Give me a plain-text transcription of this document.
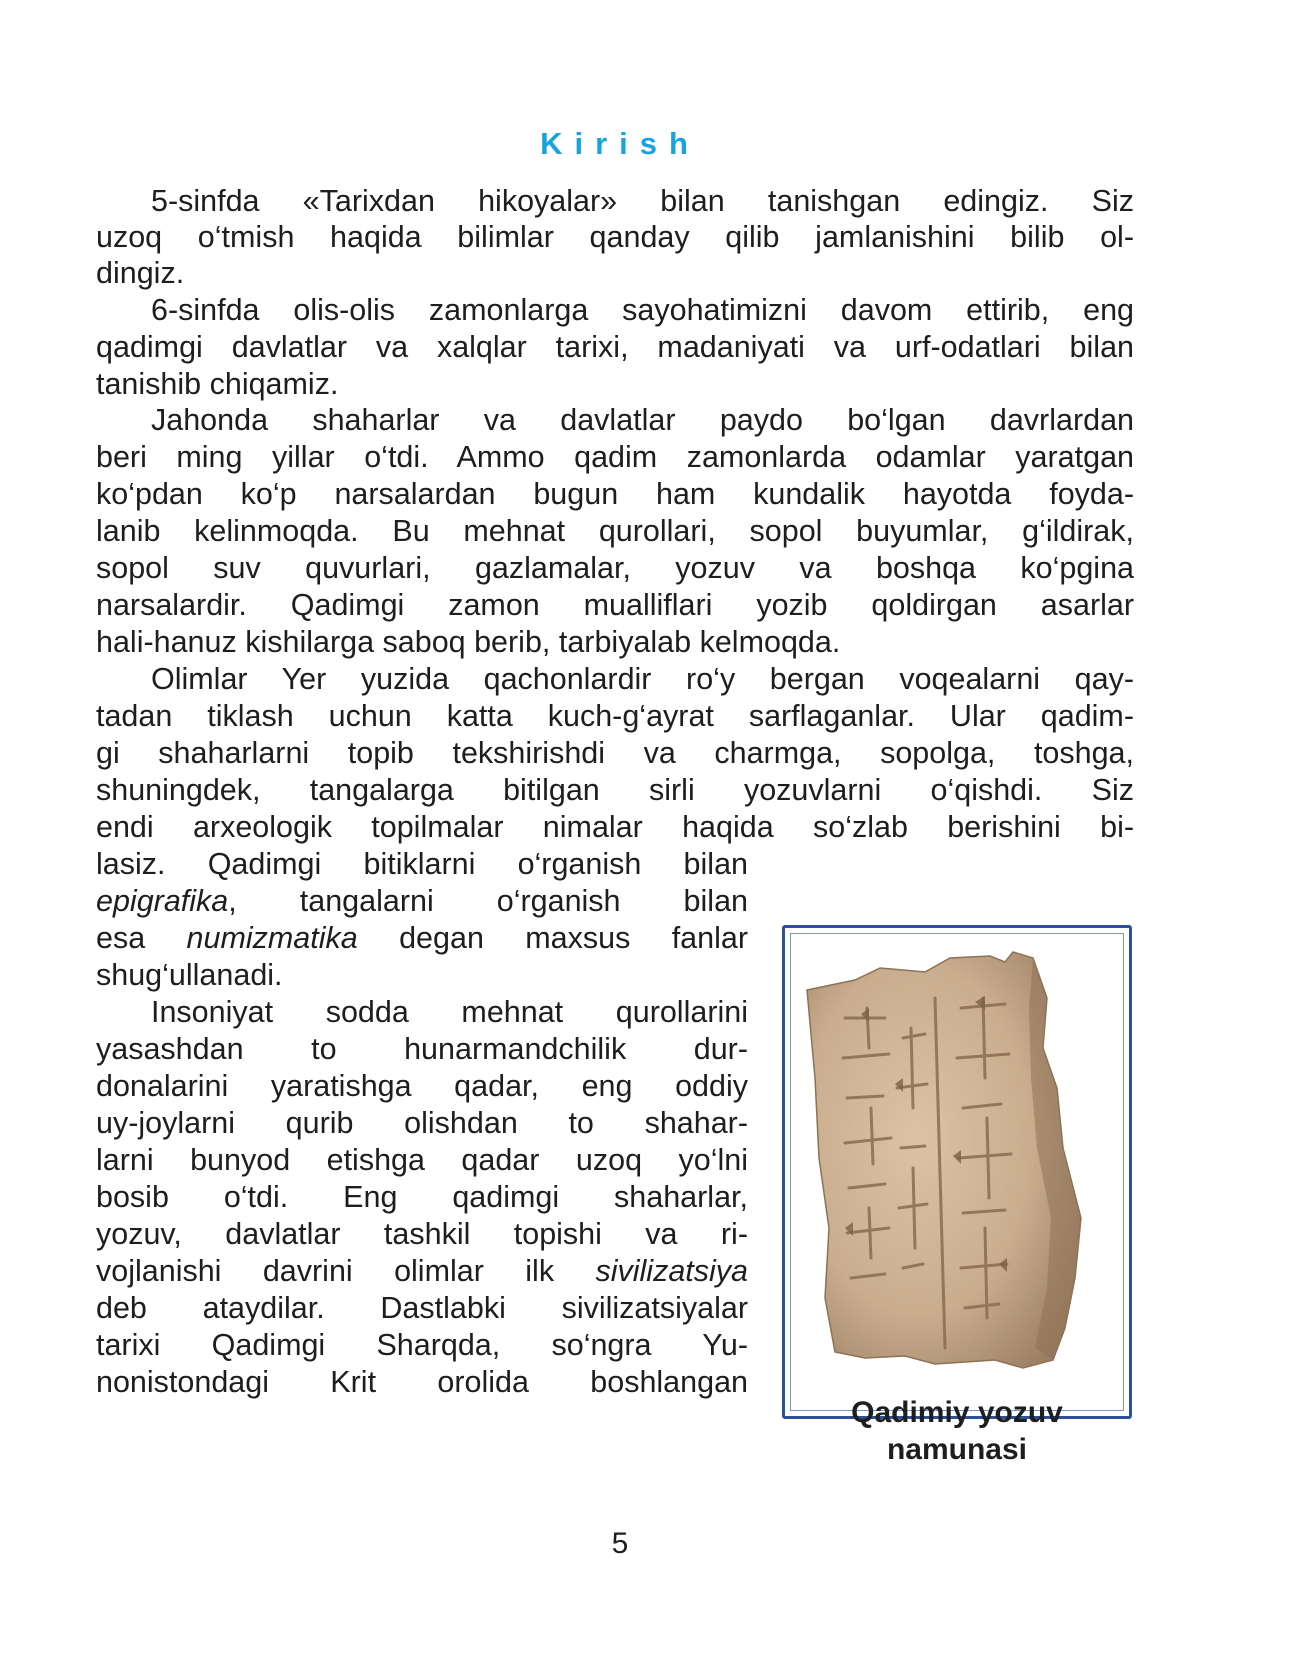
Kirish
5-sinfda «Tarixdan hikoyalar» bilan tanishgan edingiz. Siz
uzoq o‘tmish haqida bilimlar qanday qilib jamlanishini bilib ol-
dingiz.
6-sinfda olis-olis zamonlarga sayohatimizni davom ettirib, eng
qadimgi davlatlar va xalqlar tarixi, madaniyati va urf-odatlari bilan
tanishib chiqamiz.
Jahonda shaharlar va davlatlar paydo bo‘lgan davrlardan
beri ming yillar o‘tdi. Ammo qadim zamonlarda odamlar yaratgan
ko‘pdan ko‘p narsalardan bugun ham kundalik hayotda foyda-
lanib kelinmoqda. Bu mehnat qurollari, sopol buyumlar, g‘ildirak,
sopol suv quvurlari, gazlamalar, yozuv va boshqa ko‘pgina
narsalardir. Qadimgi zamon mualliflari yozib qoldirgan asarlar
hali-hanuz kishilarga saboq berib, tarbiyalab kelmoqda.
Olimlar Yer yuzida qachonlardir ro‘y bergan voqealarni qay-
tadan tiklash uchun katta kuch-g‘ayrat sarflaganlar. Ular qadim-
gi shaharlarni topib tekshirishdi va charmga, sopolga, toshga,
shuningdek, tangalarga bitilgan sirli yozuvlarni o‘qishdi. Siz
endi arxeologik topilmalar nimalar haqida so‘zlab berishini bi-
lasiz. Qadimgi bitiklarni o‘rganish bilan
epigrafika, tangalarni o‘rganish bilan
esa numizmatika degan maxsus fanlar
shug‘ullanadi.
Insoniyat sodda mehnat qurollarini
yasashdan to hunarmandchilik dur-
donalarini yaratishga qadar, eng oddiy
uy-joylarni qurib olishdan to shahar-
larni bunyod etishga qadar uzoq yo‘lni
bosib o‘tdi. Eng qadimgi shaharlar,
yozuv, davlatlar tashkil topishi va ri-
vojlanishi davrini olimlar ilk sivilizatsiya
deb ataydilar. Dastlabki sivilizatsiyalar
tarixi Qadimgi Sharqda, so‘ngra Yu-
nonistondagi Krit orolida boshlangan
Qadimiy yozuv
namunasi
5
